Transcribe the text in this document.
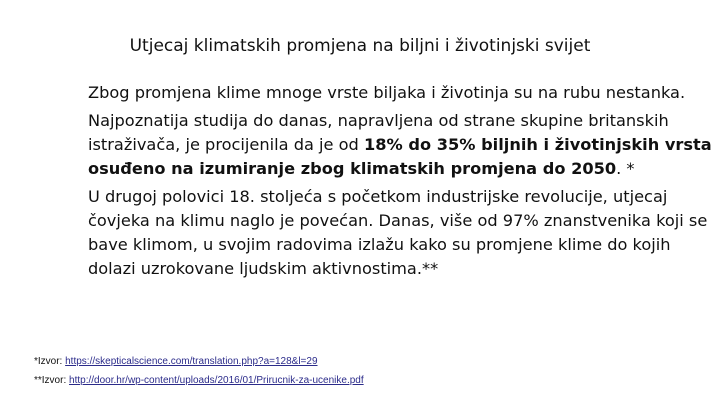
Utjecaj klimatskih promjena na biljni i životinjski svijet

Zbog promjena klime mnoge vrste biljaka i životinja su na rubu nestanka.

Najpoznatija studija do danas, napravljena od strane skupine britanskih
istraživača, je procijenila da je od 18% do 35% biljnih i životinjskih vrsta
osuđeno na izumiranje zbog klimatskih promjena do 2050. *

U drugoj polovici 18. stoljeća s početkom industrijske revolucije, utjecaj
čovjeka na klimu naglo je povećan. Danas, više od 97% znanstvenika koji se
bave klimom, u svojim radovima izlažu kako su promjene klime do kojih
dolazi uzrokovane ljudskim aktivnostima.**

*Izvor: https://skepticalscience.com/translation.php?a=128&l=29
**Izvor: http://door.hr/wp-content/uploads/2016/01/Prirucnik-za-ucenike.pdf
